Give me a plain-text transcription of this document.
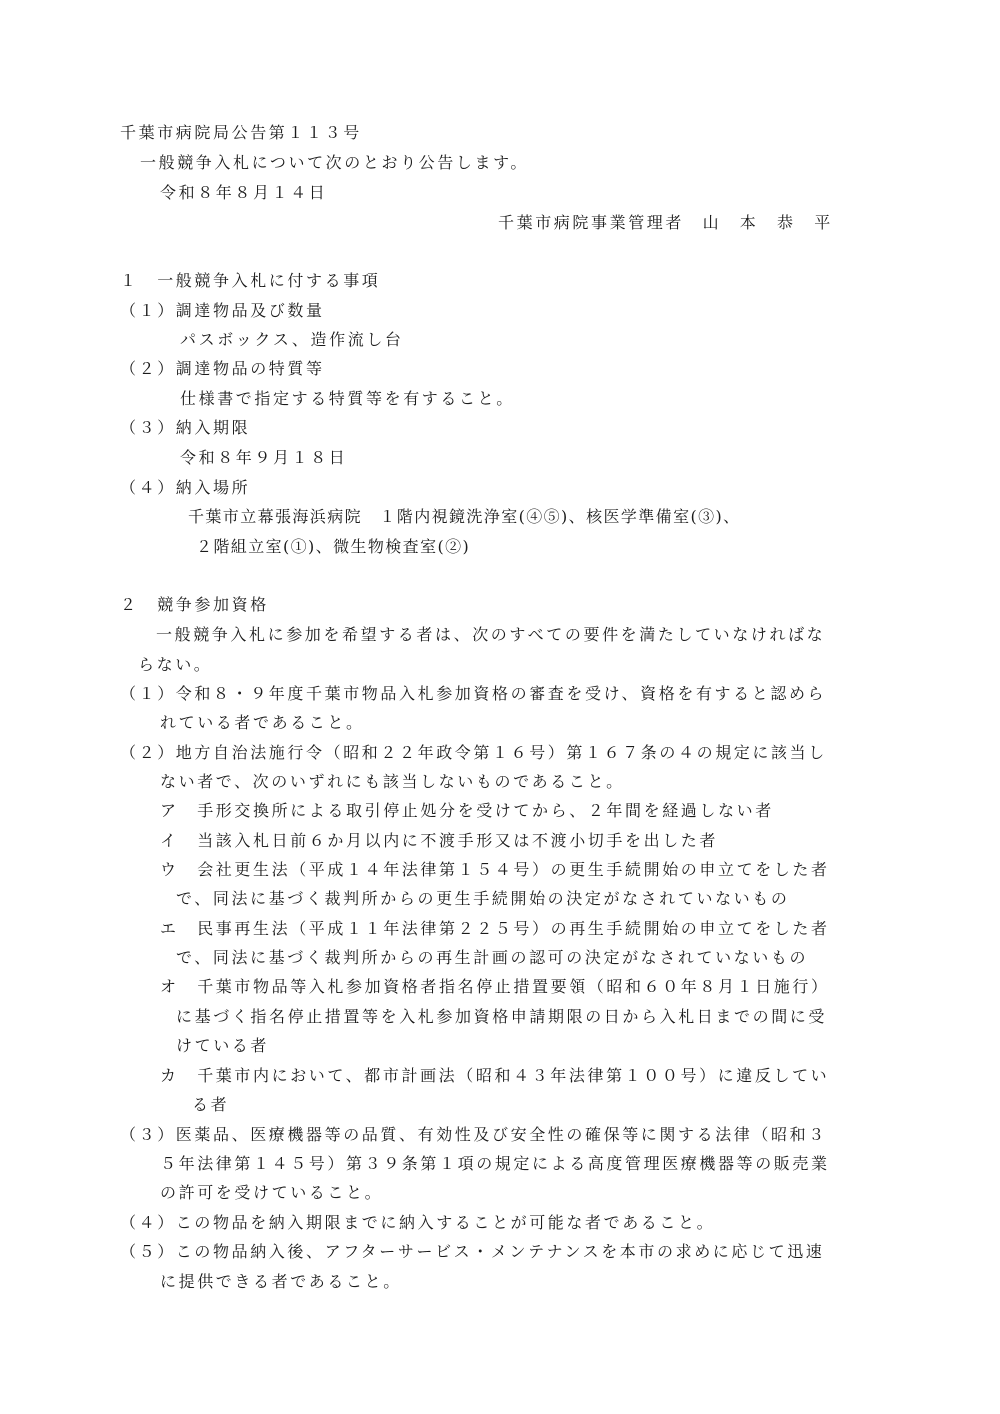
千葉市病院局公告第１１３号
一般競争入札について次のとおり公告します。
令和８年８月１４日
千葉市病院事業管理者　山　本　恭　平
１　一般競争入札に付する事項
（１）調達物品及び数量
パスボックス、造作流し台
（２）調達物品の特質等
仕様書で指定する特質等を有すること。
（３）納入期限
令和８年９月１８日
（４）納入場所
千葉市立幕張海浜病院　１階内視鏡洗浄室(④⑤)、核医学準備室(③)、
２階組立室(①)、微生物検査室(②)
２　競争参加資格
一般競争入札に参加を希望する者は、次のすべての要件を満たしていなければな
らない。
（１）令和８・９年度千葉市物品入札参加資格の審査を受け、資格を有すると認めら
れている者であること。
（２）地方自治法施行令（昭和２２年政令第１６号）第１６７条の４の規定に該当し
ない者で、次のいずれにも該当しないものであること。
ア　手形交換所による取引停止処分を受けてから、２年間を経過しない者
イ　当該入札日前６か月以内に不渡手形又は不渡小切手を出した者
ウ　会社更生法（平成１４年法律第１５４号）の更生手続開始の申立てをした者
で、同法に基づく裁判所からの更生手続開始の決定がなされていないもの
エ　民事再生法（平成１１年法律第２２５号）の再生手続開始の申立てをした者
で、同法に基づく裁判所からの再生計画の認可の決定がなされていないもの
オ　千葉市物品等入札参加資格者指名停止措置要領（昭和６０年８月１日施行）
に基づく指名停止措置等を入札参加資格申請期限の日から入札日までの間に受
けている者
カ　千葉市内において、都市計画法（昭和４３年法律第１００号）に違反してい
る者
（３）医薬品、医療機器等の品質、有効性及び安全性の確保等に関する法律（昭和３
５年法律第１４５号）第３９条第１項の規定による高度管理医療機器等の販売業
の許可を受けていること。
（４）この物品を納入期限までに納入することが可能な者であること。
（５）この物品納入後、アフターサービス・メンテナンスを本市の求めに応じて迅速
に提供できる者であること。
